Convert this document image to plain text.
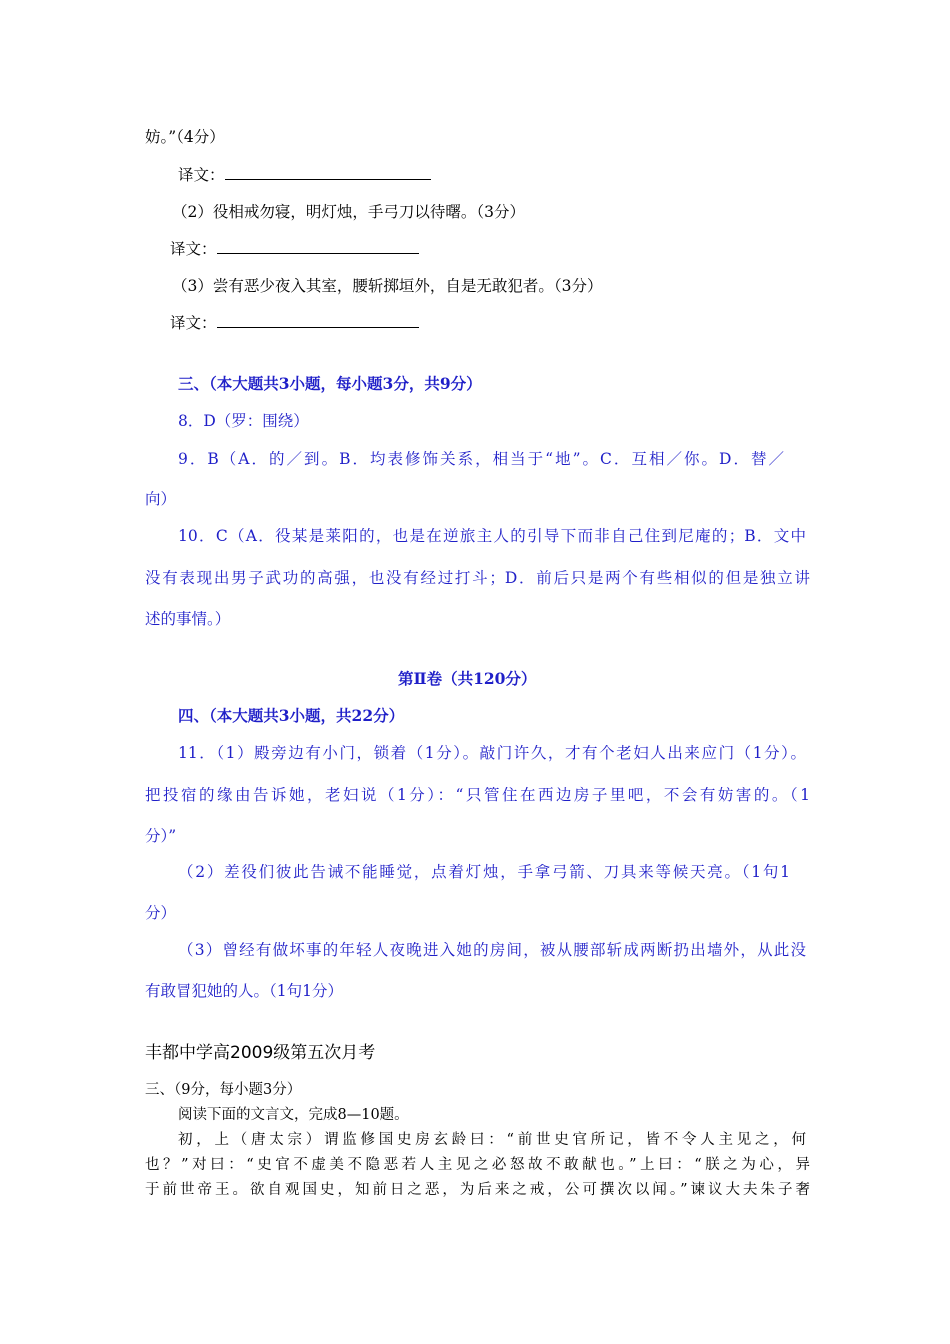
妨。”（4分）
译文：
（2）役相戒勿寝，明灯烛，手弓刀以待曙。（3分）
译文：
（3）尝有恶少夜入其室，腰斩掷垣外，自是无敢犯者。（3分）
译文：
三、（本大题共3小题，每小题3分，共9分）
8．D（罗：围绕）
9．B（A．的／到。B．均表修饰关系，相当于“地”。C．互相／你。D．替／
向）
10．C（A．役某是莱阳的，也是在逆旅主人的引导下而非自己住到尼庵的；B．文中
没有表现出男子武功的高强，也没有经过打斗；D．前后只是两个有些相似的但是独立讲
述的事情。）
第Ⅱ卷（共120分）
四、（本大题共3小题，共22分）
11．（1）殿旁边有小门，锁着（1分）。敲门许久，才有个老妇人出来应门（1分）。
把投宿的缘由告诉她，老妇说（1分）：“只管住在西边房子里吧，不会有妨害的。（1
分）”
（2）差役们彼此告诫不能睡觉，点着灯烛，手拿弓箭、刀具来等候天亮。（1句1
分）
（3）曾经有做坏事的年轻人夜晚进入她的房间，被从腰部斩成两断扔出墙外，从此没
有敢冒犯她的人。（1句1分）
丰都中学高2009级第五次月考
三、（9分，每小题3分）
阅读下面的文言文，完成8—10题。
初，上（唐太宗）谓监修国史房玄龄曰：“前世史官所记，皆不令人主见之，何
也？”对曰：“史官不虚美不隐恶若人主见之必怒故不敢献也。”上曰：“朕之为心，异
于前世帝王。欲自观国史，知前日之恶，为后来之戒，公可撰次以闻。”谏议大夫朱子奢
